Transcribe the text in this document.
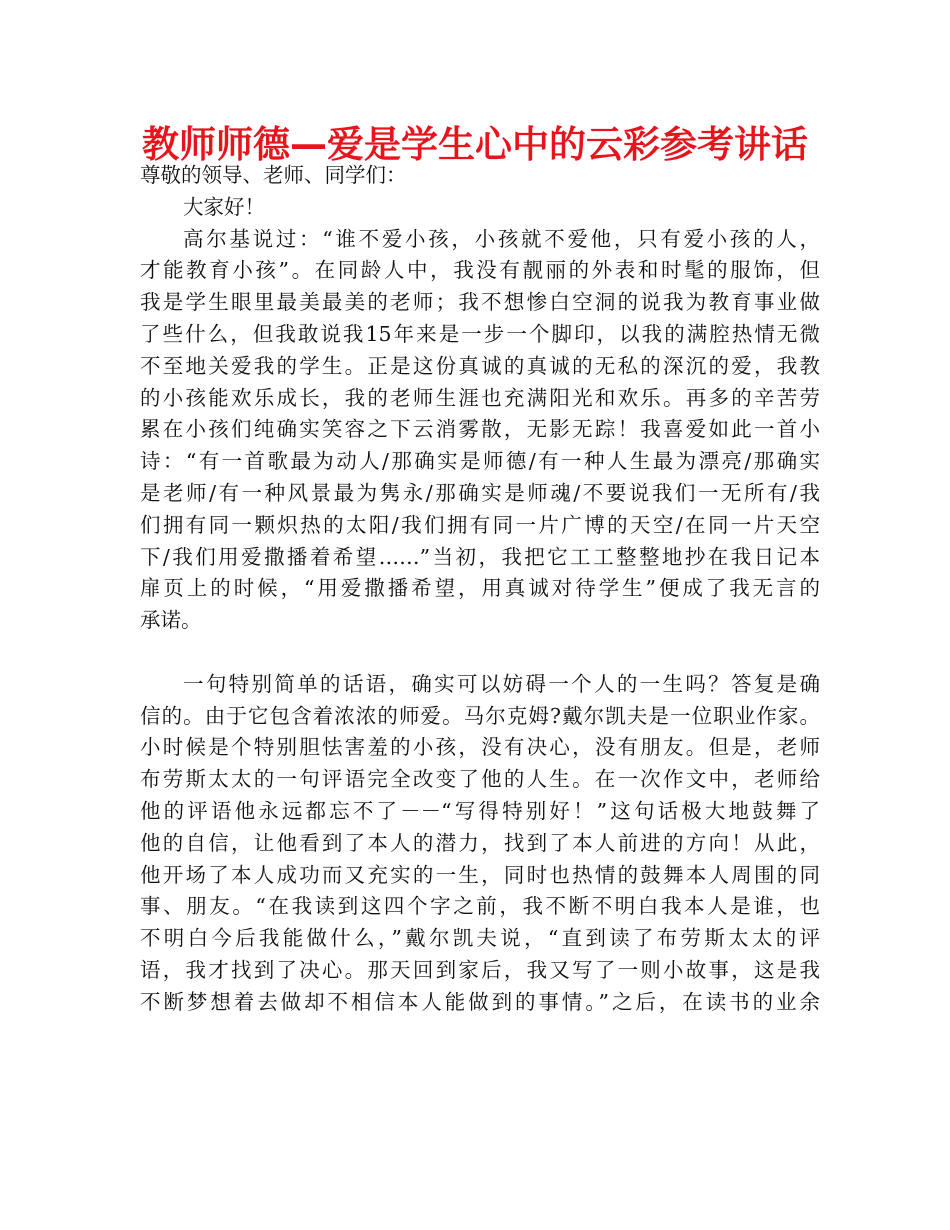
教师师德—爱是学生心中的云彩参考讲话
尊敬的领导、老师、同学们：
大家好！
高尔基说过：“谁不爱小孩，小孩就不爱他，只有爱小孩的人，
才能教育小孩”。在同龄人中，我没有靓丽的外表和时髦的服饰，但
我是学生眼里最美最美的老师；我不想惨白空洞的说我为教育事业做
了些什么，但我敢说我15年来是一步一个脚印，以我的满腔热情无微
不至地关爱我的学生。正是这份真诚的真诚的无私的深沉的爱，我教
的小孩能欢乐成长，我的老师生涯也充满阳光和欢乐。再多的辛苦劳
累在小孩们纯确实笑容之下云消雾散，无影无踪！我喜爱如此一首小
诗：“有一首歌最为动人/那确实是师德/有一种人生最为漂亮/那确实
是老师/有一种风景最为隽永/那确实是师魂/不要说我们一无所有/我
们拥有同一颗炽热的太阳/我们拥有同一片广博的天空/在同一片天空
下/我们用爱撒播着希望……”当初，我把它工工整整地抄在我日记本
扉页上的时候，“用爱撒播希望，用真诚对待学生”便成了我无言的
承诺。
一句特别简单的话语，确实可以妨碍一个人的一生吗？答复是确
信的。由于它包含着浓浓的师爱。马尔克姆?戴尔凯夫是一位职业作家。
小时候是个特别胆怯害羞的小孩，没有决心，没有朋友。但是，老师
布劳斯太太的一句评语完全改变了他的人生。在一次作文中，老师给
他的评语他永远都忘不了－－“写得特别好！”这句话极大地鼓舞了
他的自信，让他看到了本人的潜力，找到了本人前进的方向！从此，
他开场了本人成功而又充实的一生，同时也热情的鼓舞本人周围的同
事、朋友。“在我读到这四个字之前，我不断不明白我本人是谁，也
不明白今后我能做什么，”戴尔凯夫说，“直到读了布劳斯太太的评
语，我才找到了决心。那天回到家后，我又写了一则小故事，这是我
不断梦想着去做却不相信本人能做到的事情。”之后，在读书的业余
